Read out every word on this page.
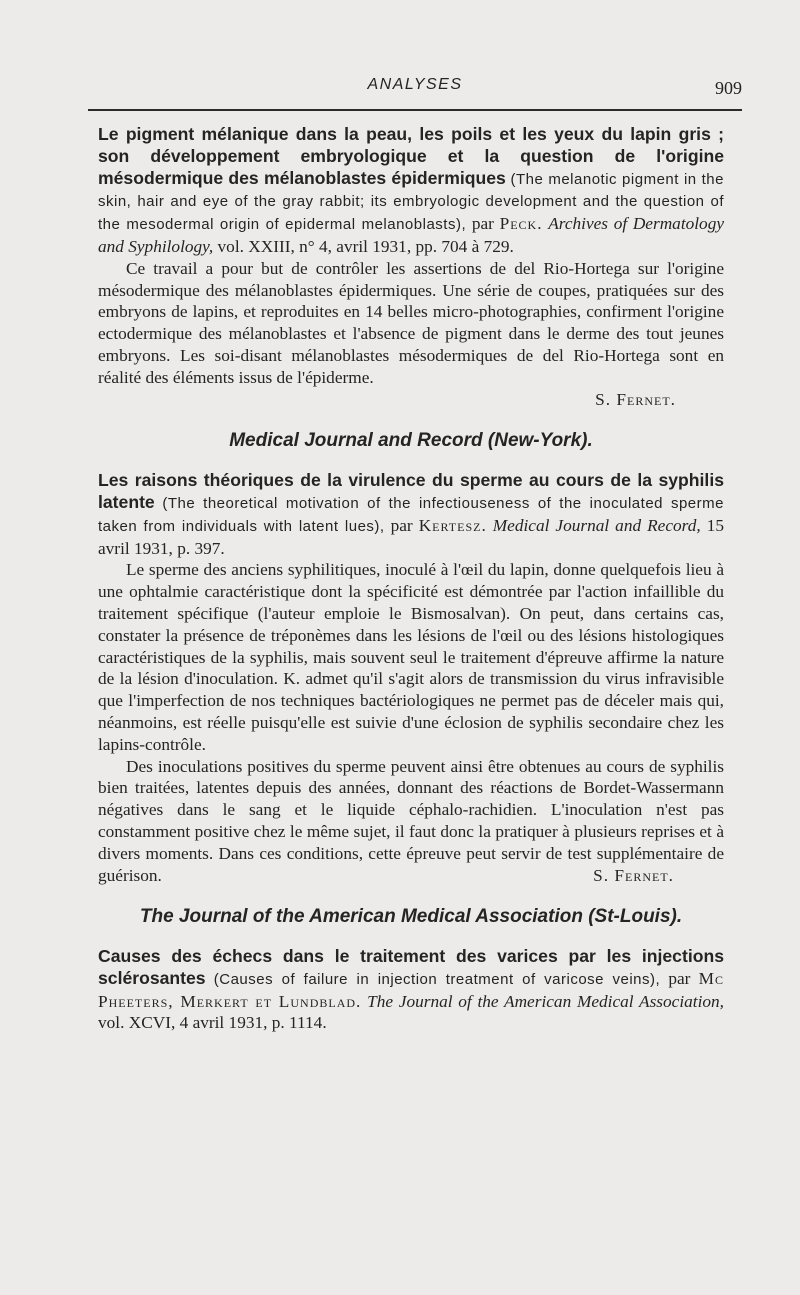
ANALYSES	909

Le pigment mélanique dans la peau, les poils et les yeux du lapin gris ; son développement embryologique et la question de l'origine mésodermique des mélanoblastes épidermiques (The melanotic pigment in the skin, hair and eye of the gray rabbit; its embryologic development and the question of the mesodermal origin of epidermal melanoblasts), par Peck. Archives of Dermatology and Syphilology, vol. XXIII, n° 4, avril 1931, pp. 704 à 729.

Ce travail a pour but de contrôler les assertions de del Rio-Hortega sur l'origine mésodermique des mélanoblastes épidermiques. Une série de coupes, pratiquées sur des embryons de lapins, et reproduites en 14 belles micro-photographies, confirment l'origine ectodermique des mélanoblastes et l'absence de pigment dans le derme des tout jeunes embryons. Les soi-disant mélanoblastes mésodermiques de del Rio-Hortega sont en réalité des éléments issus de l'épiderme.

S. Fernet.

Medical Journal and Record (New-York).

Les raisons théoriques de la virulence du sperme au cours de la syphilis latente (The theoretical motivation of the infectiouseness of the inoculated sperme taken from individuals with latent lues), par Kertesz. Medical Journal and Record, 15 avril 1931, p. 397.

Le sperme des anciens syphilitiques, inoculé à l'œil du lapin, donne quelquefois lieu à une ophtalmie caractéristique dont la spécificité est démontrée par l'action infaillible du traitement spécifique (l'auteur emploie le Bismosalvan). On peut, dans certains cas, constater la présence de tréponèmes dans les lésions de l'œil ou des lésions histologiques caractéristiques de la syphilis, mais souvent seul le traitement d'épreuve affirme la nature de la lésion d'inoculation. K. admet qu'il s'agit alors de transmission du virus infravisible que l'imperfection de nos techniques bactériologiques ne permet pas de déceler mais qui, néanmoins, est réelle puisqu'elle est suivie d'une éclosion de syphilis secondaire chez les lapins-contrôle.

Des inoculations positives du sperme peuvent ainsi être obtenues au cours de syphilis bien traitées, latentes depuis des années, donnant des réactions de Bordet-Wassermann négatives dans le sang et le liquide céphalo-rachidien. L'inoculation n'est pas constamment positive chez le même sujet, il faut donc la pratiquer à plusieurs reprises et à divers moments. Dans ces conditions, cette épreuve peut servir de test supplémentaire de guérison.	S. Fernet.

The Journal of the American Medical Association (St-Louis).

Causes des échecs dans le traitement des varices par les injections sclérosantes (Causes of failure in injection treatment of varicose veins), par Mc Pheeters, Merkert et Lundblad. The Journal of the American Medical Association, vol. XCVI, 4 avril 1931, p. 1114.
